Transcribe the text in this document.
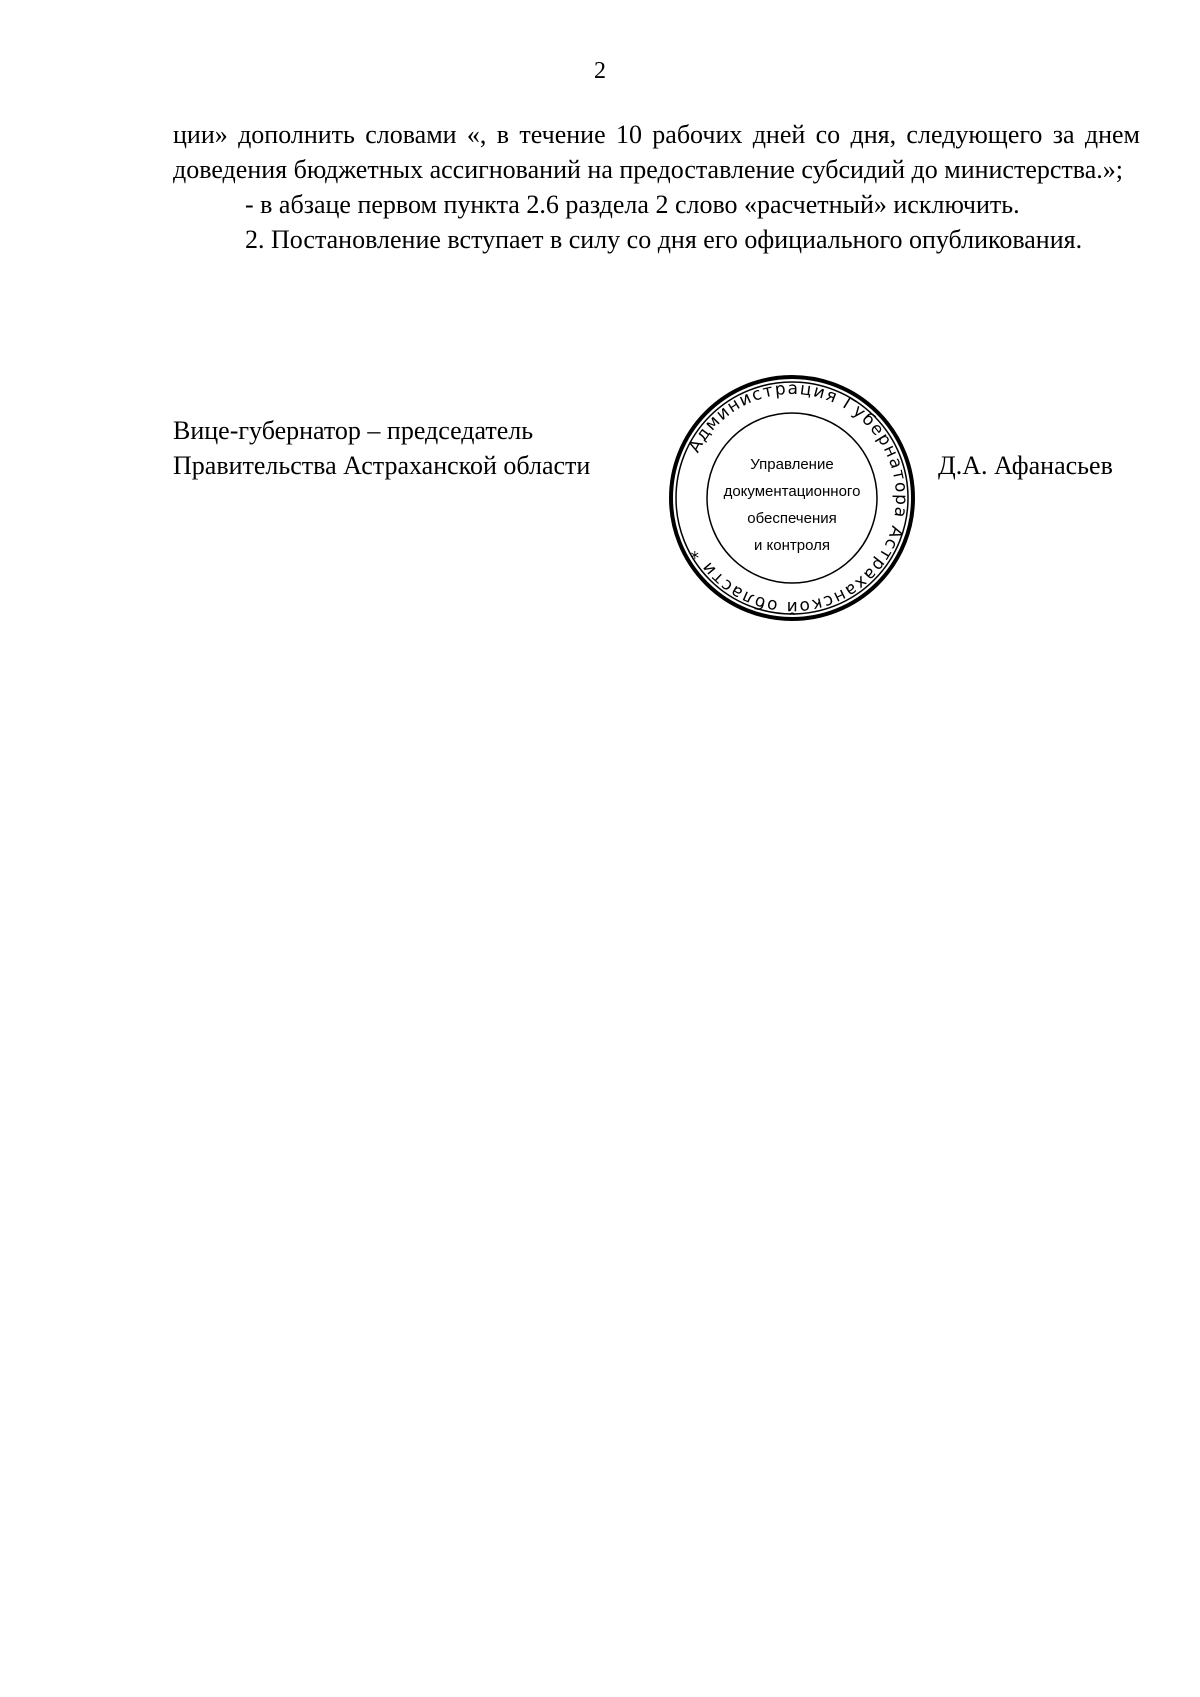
2

ции» дополнить словами «, в течение 10 рабочих дней со дня, следующего за днем доведения бюджетных ассигнований на предоставление субсидий до министерства.»;

- в абзаце первом пункта 2.6 раздела 2 слово «расчетный» исключить.

2. Постановление вступает в силу со дня его официального опубликования.

Вице-губернатор – председатель
Правительства Астраханской области
Администрация Губернатора Астраханской области *
Управление
документационного
обеспечения
и контроля
Д.А. Афанасьев
